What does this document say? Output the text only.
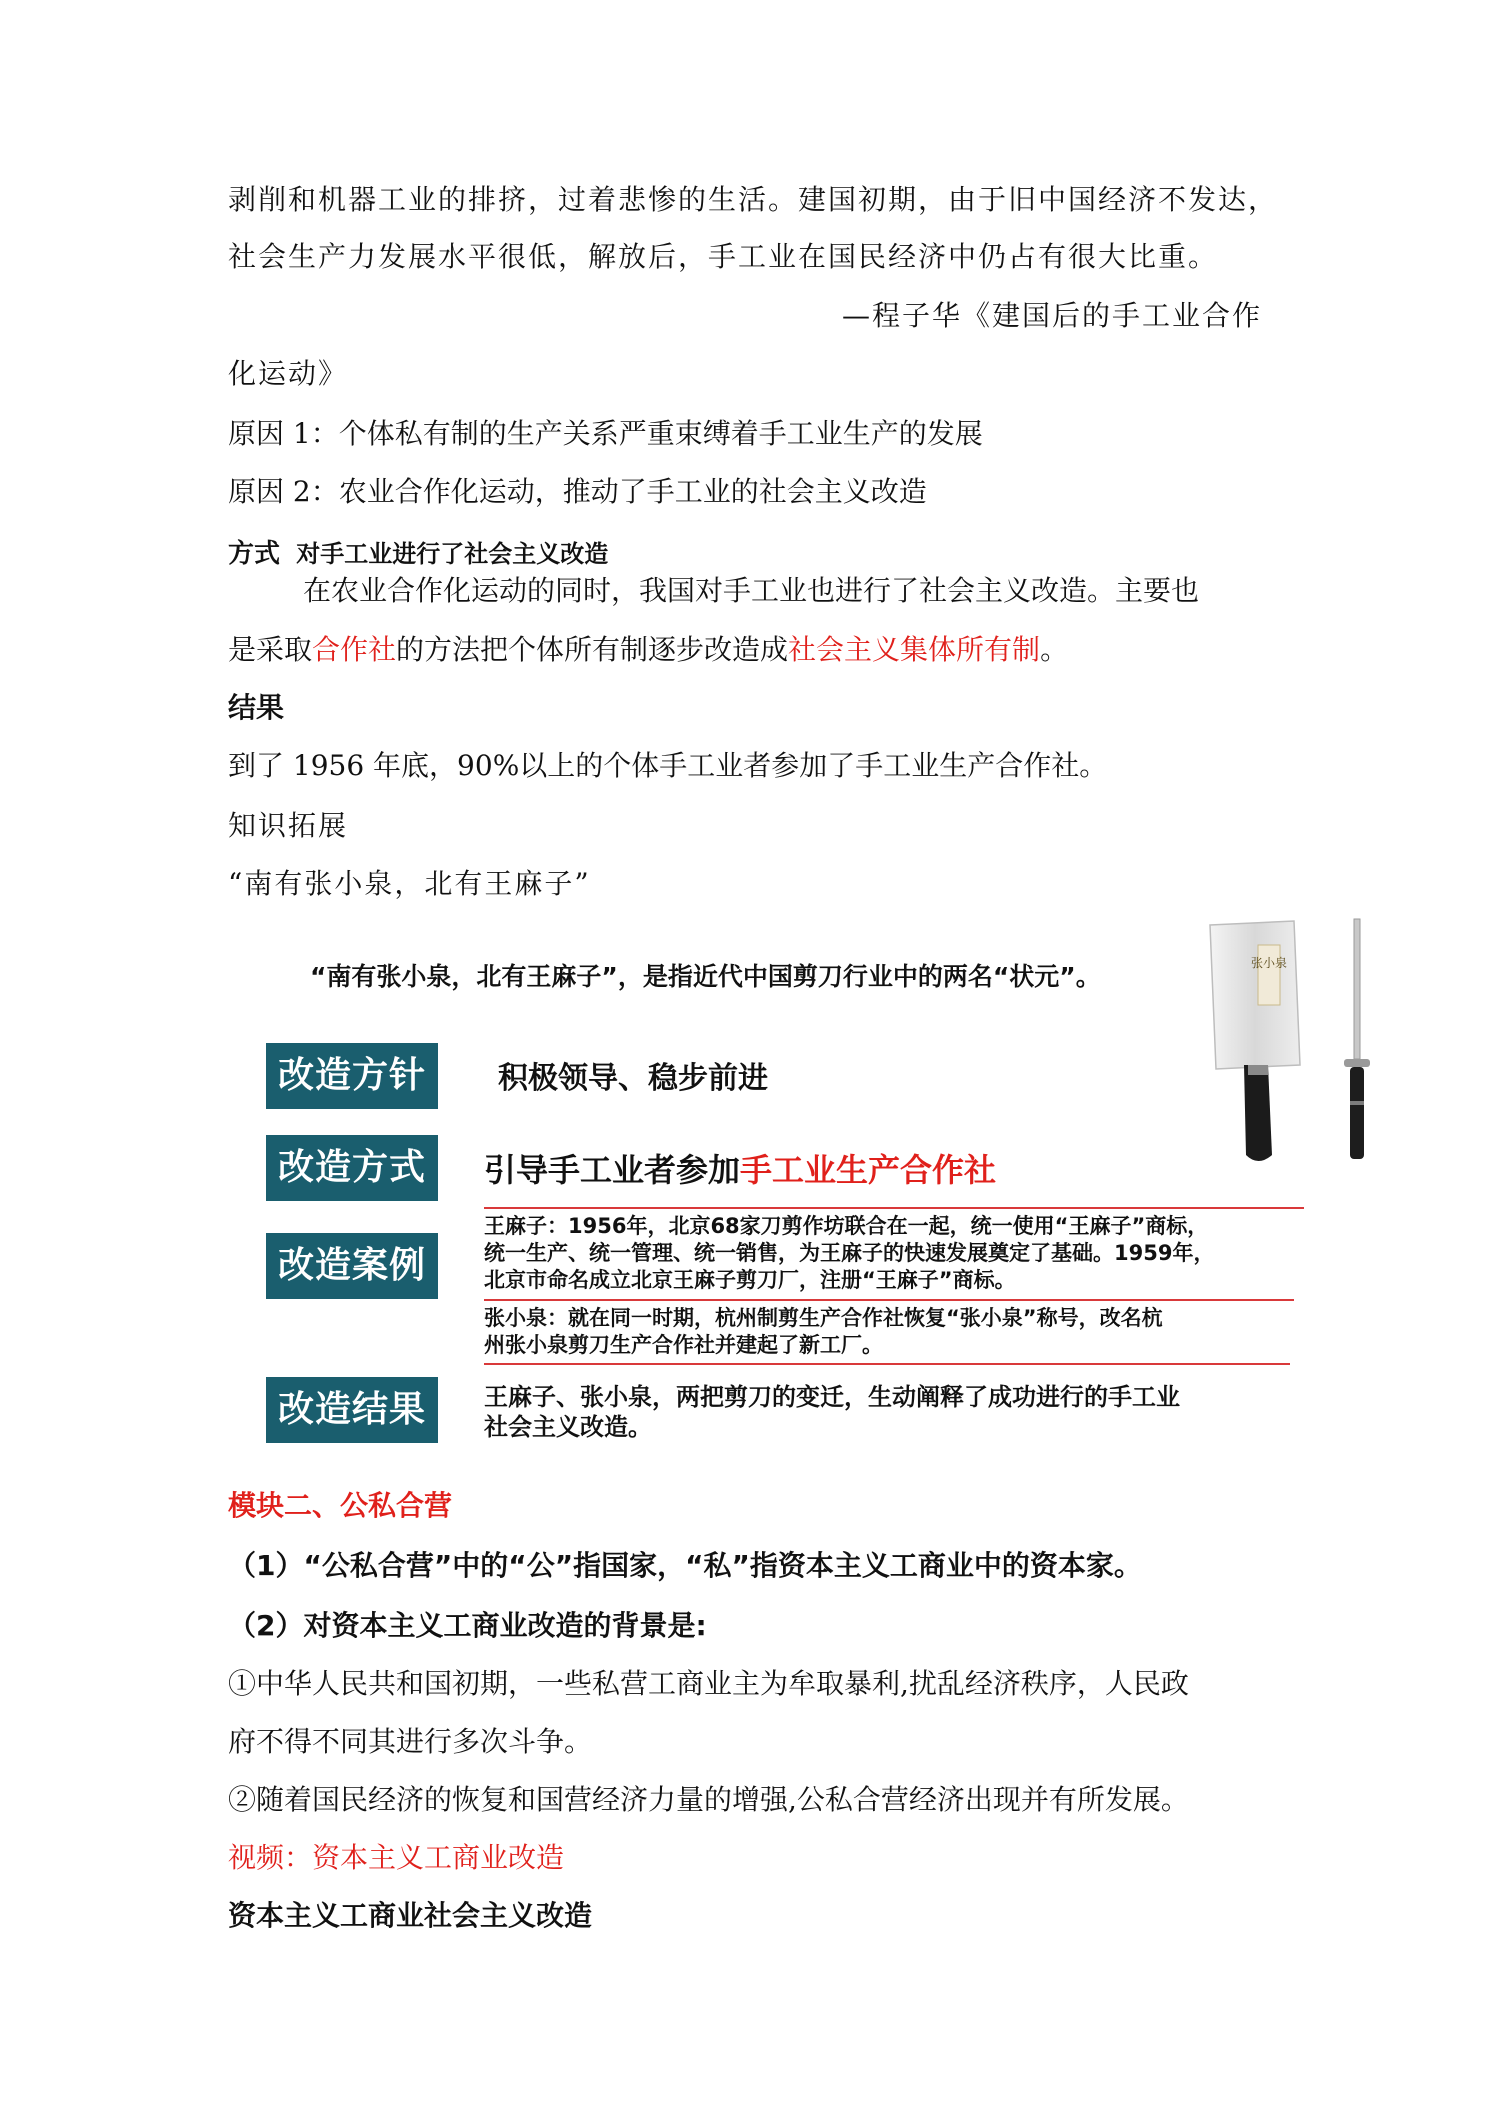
剥削和机器工业的排挤，过着悲惨的生活。建国初期，由于旧中国经济不发达，
社会生产力发展水平很低，解放后，手工业在国民经济中仍占有很大比重。
—程子华《建国后的手工业合作
化运动》
原因 1：个体私有制的生产关系严重束缚着手工业生产的发展
原因 2：农业合作化运动，推动了手工业的社会主义改造
方式 对手工业进行了社会主义改造
在农业合作化运动的同时，我国对手工业也进行了社会主义改造。主要也
是采取合作社的方法把个体所有制逐步改造成社会主义集体所有制。
结果
到了 1956 年底，90%以上的个体手工业者参加了手工业生产合作社。
知识拓展
“南有张小泉，北有王麻子”
“南有张小泉，北有王麻子”，是指近代中国剪刀行业中的两名“状元”。
改造方针	积极领导、稳步前进
改造方式	引导手工业者参加手工业生产合作社
改造案例
王麻子：1956年，北京68家刀剪作坊联合在一起，统一使用“王麻子”商标，
统一生产、统一管理、统一销售，为王麻子的快速发展奠定了基础。1959年，
北京市命名成立北京王麻子剪刀厂，注册“王麻子”商标。
张小泉：就在同一时期，杭州制剪生产合作社恢复“张小泉”称号，改名杭
州张小泉剪刀生产合作社并建起了新工厂。
改造结果	王麻子、张小泉，两把剪刀的变迁，生动阐释了成功进行的手工业
社会主义改造。
张小泉
模块二、公私合营
（1）“公私合营”中的“公”指国家，“私”指资本主义工商业中的资本家。
（2）对资本主义工商业改造的背景是:
①中华人民共和国初期，一些私营工商业主为牟取暴利,扰乱经济秩序，人民政
府不得不同其进行多次斗争。
②随着国民经济的恢复和国营经济力量的增强,公私合营经济出现并有所发展。
视频：资本主义工商业改造
资本主义工商业社会主义改造
